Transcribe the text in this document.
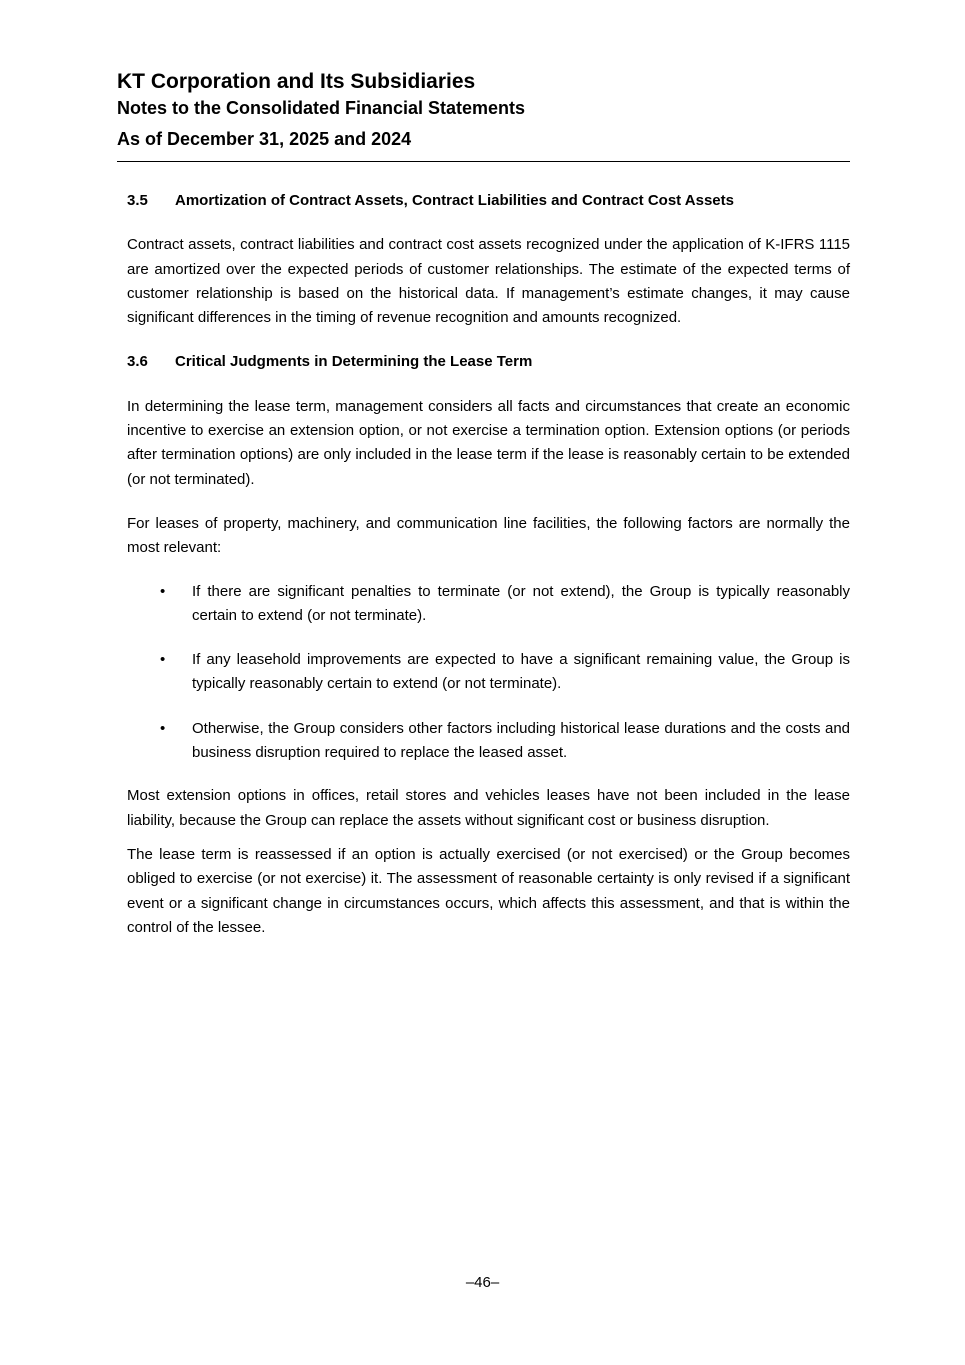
KT Corporation and Its Subsidiaries

Notes to the Consolidated Financial Statements

As of December 31, 2025 and 2024

3.5	Amortization of Contract Assets, Contract Liabilities and Contract Cost Assets

Contract assets, contract liabilities and contract cost assets recognized under the application of K-IFRS 1115 are amortized over the expected periods of customer relationships. The estimate of the expected terms of customer relationship is based on the historical data. If management’s estimate changes, it may cause significant differences in the timing of revenue recognition and amounts recognized.

3.6	Critical Judgments in Determining the Lease Term

In determining the lease term, management considers all facts and circumstances that create an economic incentive to exercise an extension option, or not exercise a termination option. Extension options (or periods after termination options) are only included in the lease term if the lease is reasonably certain to be extended (or not terminated).

For leases of property, machinery, and communication line facilities, the following factors are normally the most relevant:

• If there are significant penalties to terminate (or not extend), the Group is typically reasonably certain to extend (or not terminate).
• If any leasehold improvements are expected to have a significant remaining value, the Group is typically reasonably certain to extend (or not terminate).
• Otherwise, the Group considers other factors including historical lease durations and the costs and business disruption required to replace the leased asset.

Most extension options in offices, retail stores and vehicles leases have not been included in the lease liability, because the Group can replace the assets without significant cost or business disruption.

The lease term is reassessed if an option is actually exercised (or not exercised) or the Group becomes obliged to exercise (or not exercise) it. The assessment of reasonable certainty is only revised if a significant event or a significant change in circumstances occurs, which affects this assessment, and that is within the control of the lessee.

–46–
